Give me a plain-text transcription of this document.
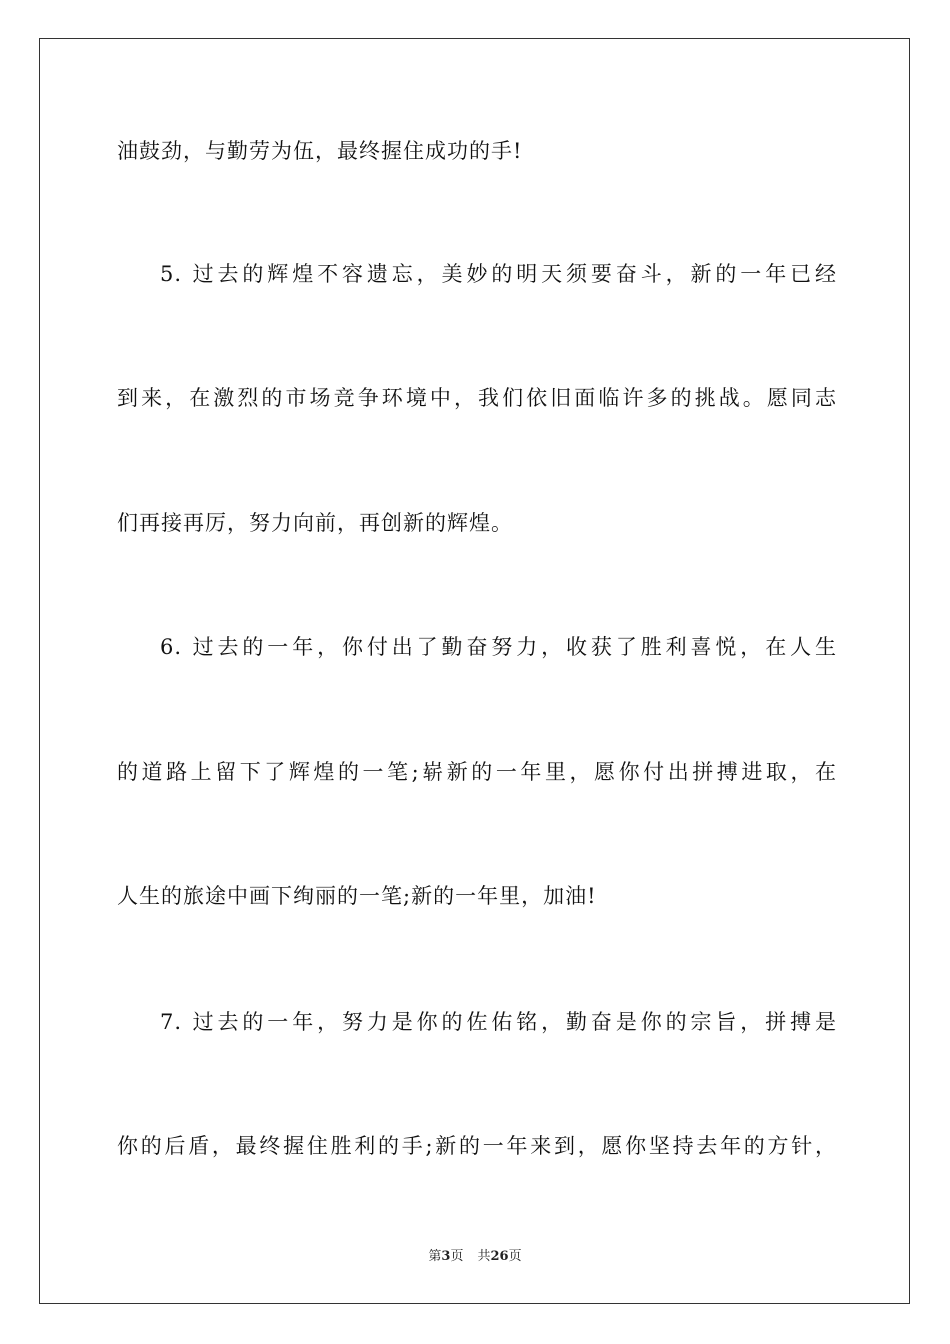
油鼓劲，与勤劳为伍，最终握住成功的手!
5. 过去的辉煌不容遗忘，美妙的明天须要奋斗，新的一年已经
到来，在激烈的市场竞争环境中，我们依旧面临许多的挑战。愿同志
们再接再厉，努力向前，再创新的辉煌。
6. 过去的一年，你付出了勤奋努力，收获了胜利喜悦，在人生
的道路上留下了辉煌的一笔;崭新的一年里，愿你付出拼搏进取，在
人生的旅途中画下绚丽的一笔;新的一年里，加油!
7. 过去的一年，努力是你的佐佑铭，勤奋是你的宗旨，拼搏是
你的后盾，最终握住胜利的手;新的一年来到，愿你坚持去年的方针，
第3页 共26页
